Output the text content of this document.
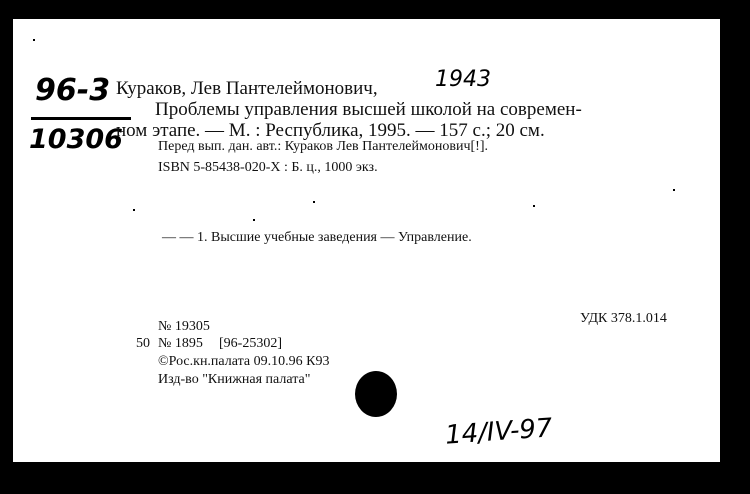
96-3
10306
Кураков, Лев Пантелеймонович,	1943
Проблемы управления высшей школой на современ-
ном этапе. — М. : Республика, 1995. — 157 с.; 20 см.
Перед вып. дан. авт.: Кураков Лев Пантелеймонович[!].
ISBN 5-85438-020-X : Б. ц., 1000 экз.
— — 1. Высшие учебные заведения — Управление.
№ 19305
УДК 378.1.014
50 № 1895 [96-25302]
©Рос.кн.палата 09.10.96 К93
Изд-во "Книжная палата"
14/IV-97
